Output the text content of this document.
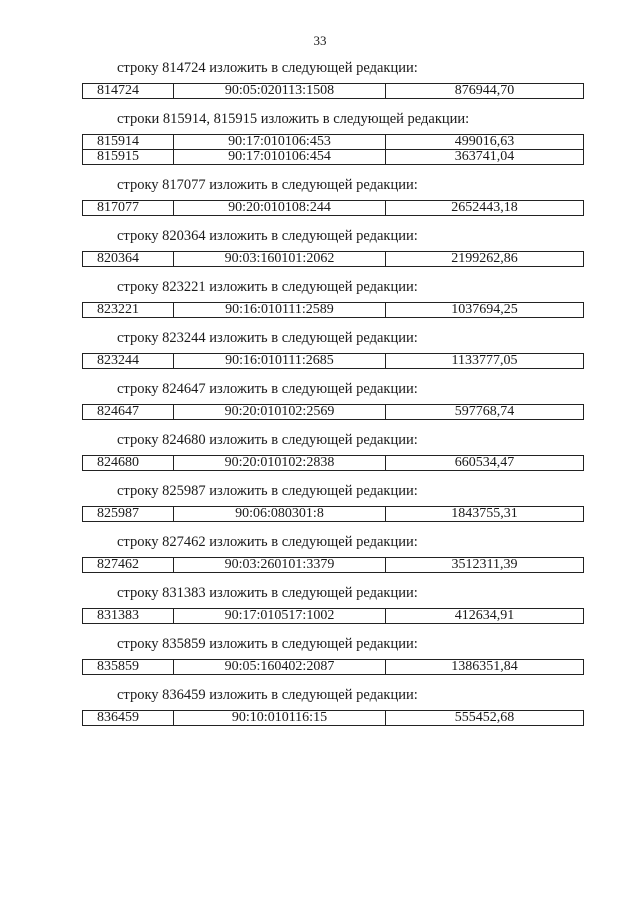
33
строку 814724 изложить в следующей редакции:
814724	90:05:020113:1508	876944,70
строки 815914, 815915 изложить в следующей редакции:
815914	90:17:010106:453	499016,63
815915	90:17:010106:454	363741,04
строку 817077 изложить в следующей редакции:
817077	90:20:010108:244	2652443,18
строку 820364 изложить в следующей редакции:
820364	90:03:160101:2062	2199262,86
строку 823221 изложить в следующей редакции:
823221	90:16:010111:2589	1037694,25
строку 823244 изложить в следующей редакции:
823244	90:16:010111:2685	1133777,05
строку 824647 изложить в следующей редакции:
824647	90:20:010102:2569	597768,74
строку 824680 изложить в следующей редакции:
824680	90:20:010102:2838	660534,47
строку 825987 изложить в следующей редакции:
825987	90:06:080301:8	1843755,31
строку 827462 изложить в следующей редакции:
827462	90:03:260101:3379	3512311,39
строку 831383 изложить в следующей редакции:
831383	90:17:010517:1002	412634,91
строку 835859 изложить в следующей редакции:
835859	90:05:160402:2087	1386351,84
строку 836459 изложить в следующей редакции:
836459	90:10:010116:15	555452,68
